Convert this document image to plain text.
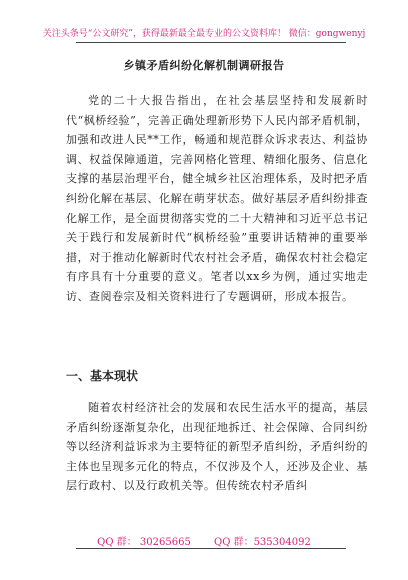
关注头条号“公文研究”，获得最新最全最专业的公文资料库！ 微信：gongwenyj
乡镇矛盾纠纷化解机制调研报告
党的二十大报告指出，在社会基层坚持和发展新时代“枫桥经验”，完善正确处理新形势下人民内部矛盾机制，加强和改进人民**工作，畅通和规范群众诉求表达、利益协调、权益保障通道，完善网格化管理、精细化服务、信息化支撑的基层治理平台，健全城乡社区治理体系，及时把矛盾纠纷化解在基层、化解在萌芽状态。做好基层矛盾纠纷排查化解工作，是全面贯彻落实党的二十大精神和习近平总书记关于践行和发展新时代“枫桥经验”重要讲话精神的重要举措，对于推动化解新时代农村社会矛盾，确保农村社会稳定有序具有十分重要的意义。笔者以xx乡为例，通过实地走访、查阅卷宗及相关资料进行了专题调研，形成本报告。
一、基本现状
随着农村经济社会的发展和农民生活水平的提高，基层矛盾纠纷逐渐复杂化，出现征地拆迁、社会保障、合同纠纷等以经济利益诉求为主要特征的新型矛盾纠纷，矛盾纠纷的主体也呈现多元化的特点，不仅涉及个人，还涉及企业、基层行政村、以及行政机关等。但传统农村矛盾纠
QQ 群： 30265665 QQ 群：535304092
